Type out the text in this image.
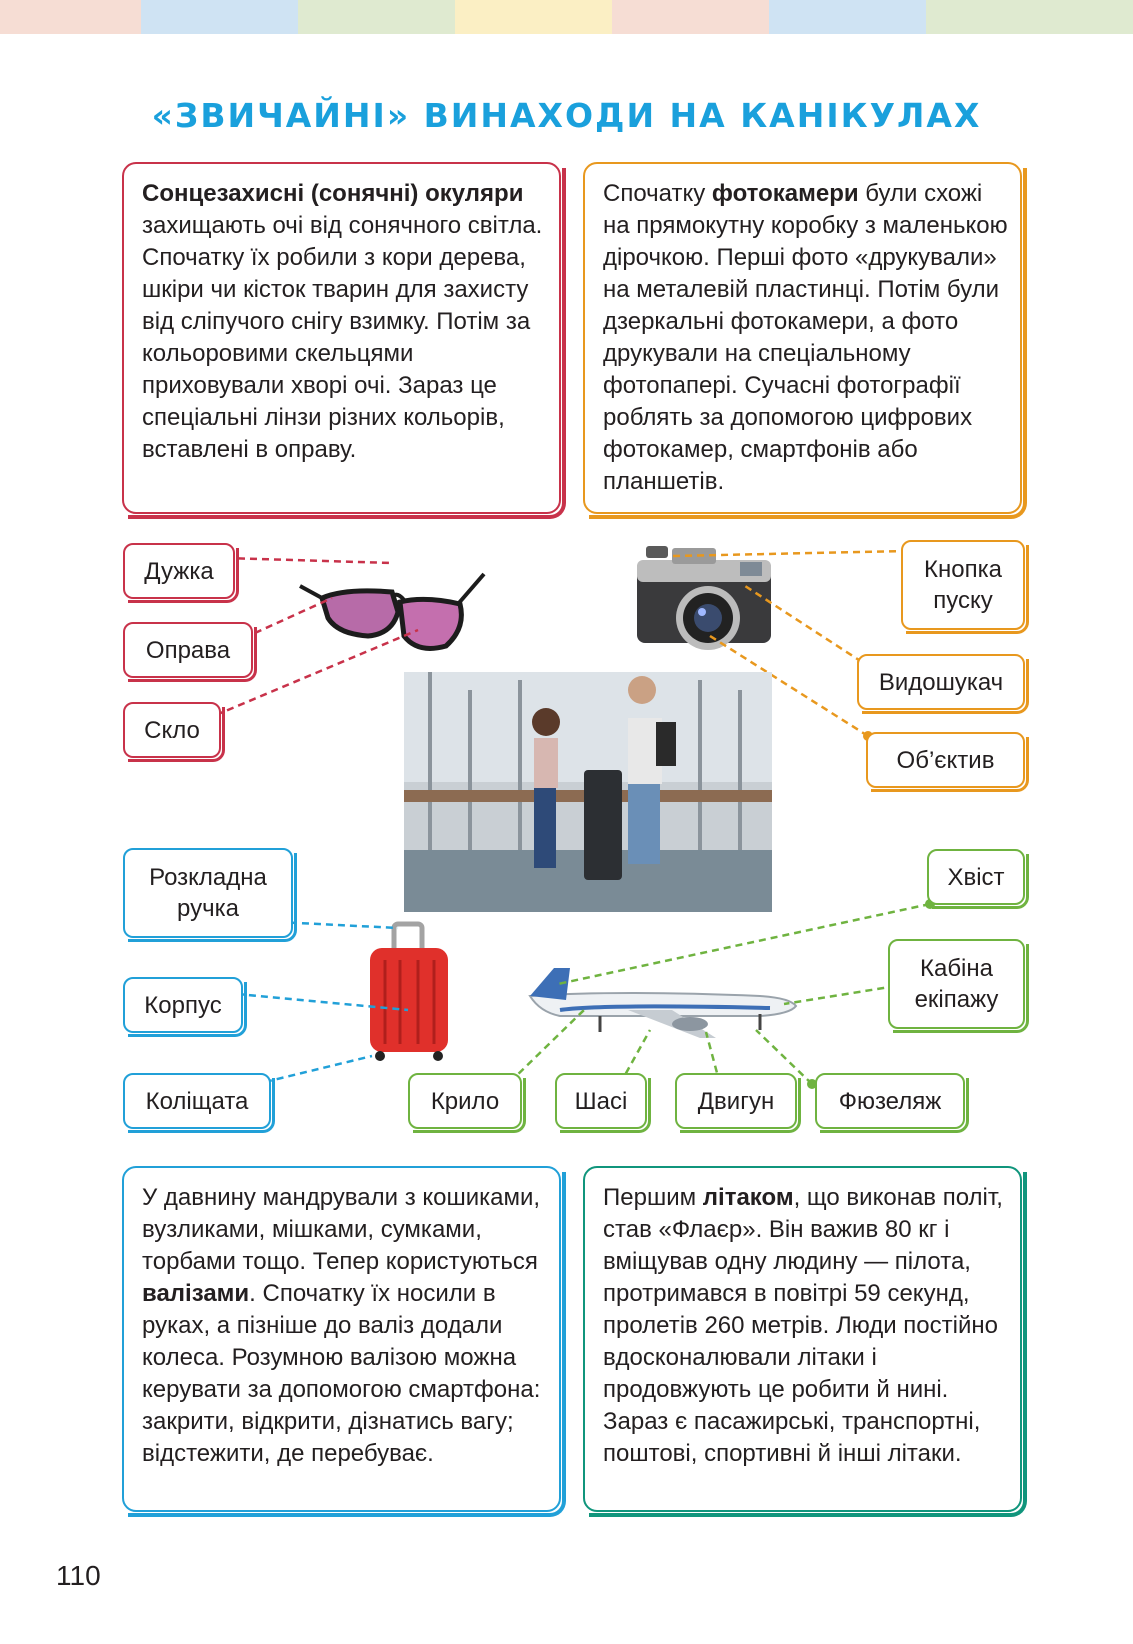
«ЗВИЧАЙНІ» ВИНАХОДИ НА КАНІКУЛАХ

Сонцезахисні (сонячні) окуляри захищають очі від сонячного світла. Спочатку їх робили з кори дерева, шкіри чи кісток тварин для захисту від сліпучого снігу взимку. Потім за кольоровими скельцями приховували хворі очі. Зараз це спеціальні лінзи різних кольорів, вставлені в оправу.

Спочатку фотокамери були схожі на прямокутну коробку з маленькою дірочкою. Перші фото «друкували» на металевій пластинці. Потім були дзеркальні фотокамери, а фото друкували на спеціальному фотопапері. Сучасні фотографії роблять за допомогою цифрових фотокамер, смартфонів або планшетів.

У давнину мандрували з кошиками, вузликами, мішками, сумками, торбами тощо. Тепер користуються валізами. Спочатку їх носили в руках, а пізніше до валіз додали колеса. Розумною валізою можна керувати за допомогою смартфона: закрити, відкрити, дізнатись вагу; відстежити, де перебуває.

Першим літаком, що виконав політ, став «Флаєр». Він важив 80 кг і вміщував одну людину — пілота, протримався в повітрі 59 секунд, пролетів 260 метрів. Люди постійно вдосконалювали літаки і продовжують це робити й нині. Зараз є пасажирські, транспортні, поштові, спортивні й інші літаки.

Дужка
Оправа
Скло
Кнопка пуску
Видошукач
Об’єктив
Розкладна ручка
Корпус
Коліщата
Хвіст
Кабіна екіпажу
Крило	Шасі	Двигун	Фюзеляж
110
